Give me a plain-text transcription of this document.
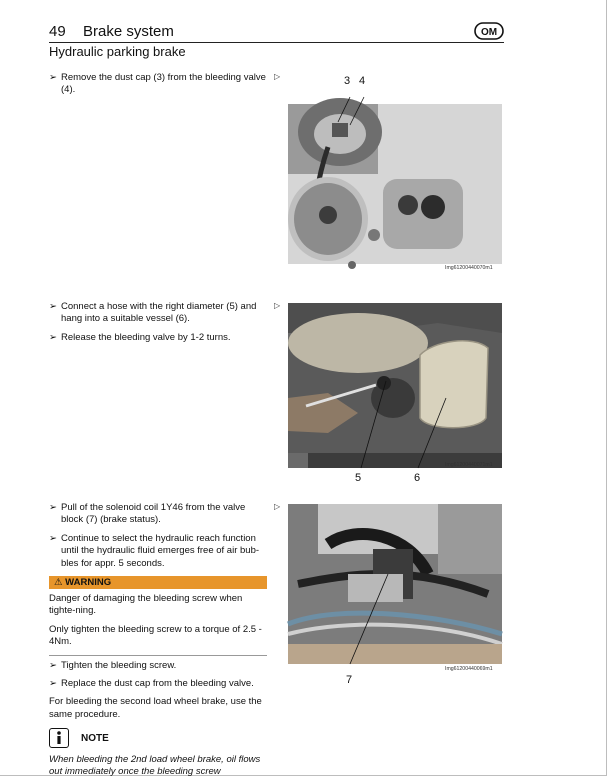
49 Brake system
Hydraulic parking brake
OM
➢ Remove the dust cap (3) from the bleeding valve (4).
▷	3 4
Img61200440070m1
➢ Connect a hose with the right diameter (5) and hang into a suitable vessel (6).
➢ Release the bleeding valve by 1-2 turns.
▷
Img61200440071m1
5	6
➢ Pull of the solenoid coil 1Y46 from the valve block (7) (brake status).
➢ Continue to select the hydraulic reach function until the hydraulic fluid emerges free of air bub-bles for appr. 5 seconds.
⚠ WARNING
Danger of damaging the bleeding screw when tighte-ning.
Only tighten the bleeding screw to a torque of 2.5 - 4Nm.
➢ Tighten the bleeding screw.
➢ Replace the dust cap from the bleeding valve.
For bleeding the second load wheel brake, use the same procedure.
▷
Img61200440069m1
7
NOTE
When bleeding the 2nd load wheel brake, oil flows out immediately once the bleeding screw
